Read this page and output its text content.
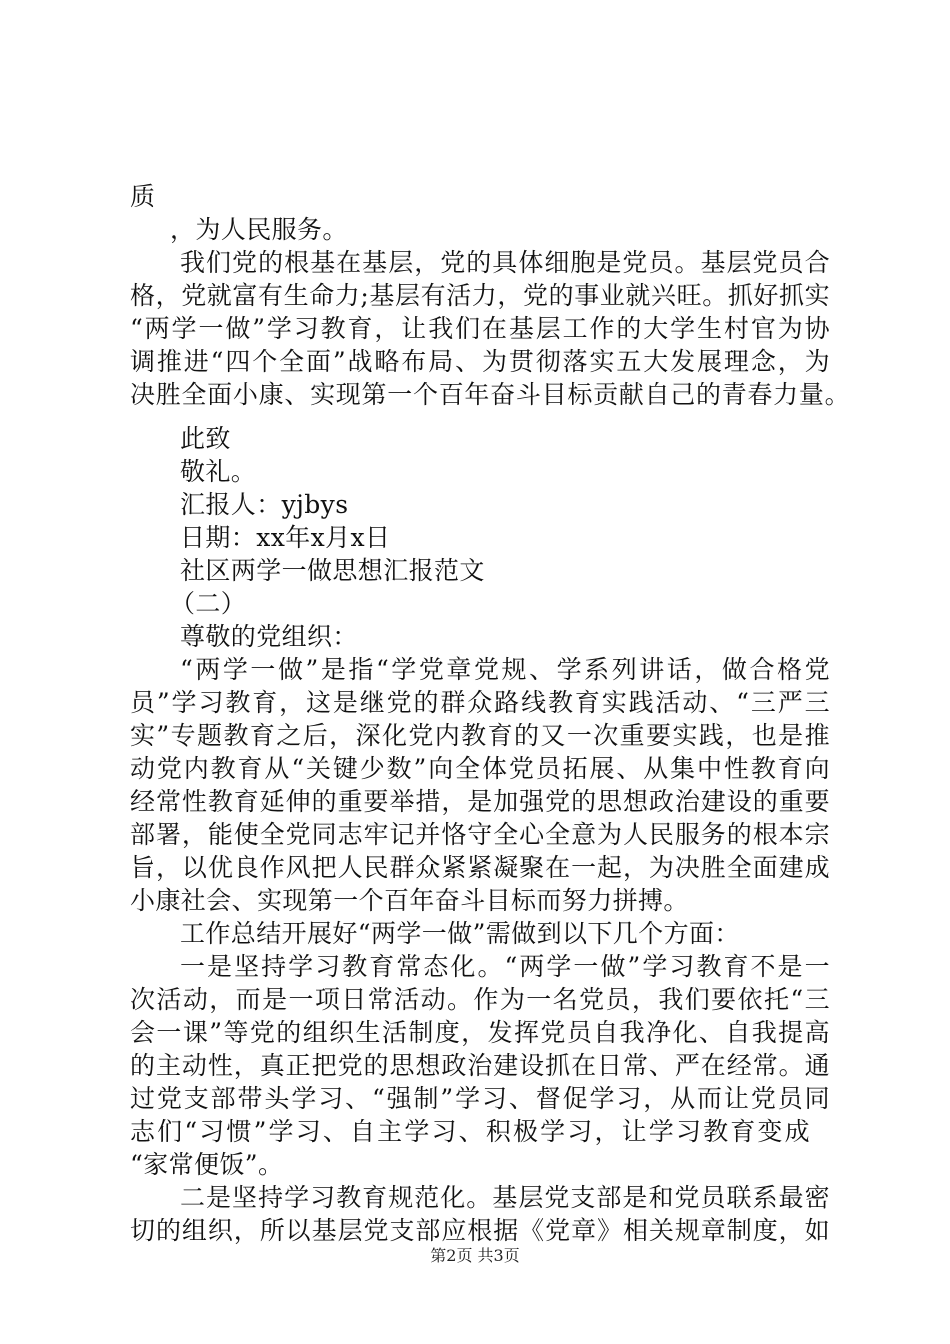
质
，为人民服务。
我们党的根基在基层，党的具体细胞是党员。基层党员合
格，党就富有生命力;基层有活力，党的事业就兴旺。抓好抓实
“两学一做”学习教育，让我们在基层工作的大学生村官为协
调推进“四个全面”战略布局、为贯彻落实五大发展理念，为
决胜全面小康、实现第一个百年奋斗目标贡献自己的青春力量。
此致
敬礼。
汇报人：yjbys
日期：xx年x月x日
社区两学一做思想汇报范文
（二）
尊敬的党组织：
“两学一做”是指“学党章党规、学系列讲话，做合格党
员”学习教育，这是继党的群众路线教育实践活动、“三严三
实”专题教育之后，深化党内教育的又一次重要实践，也是推
动党内教育从“关键少数”向全体党员拓展、从集中性教育向
经常性教育延伸的重要举措，是加强党的思想政治建设的重要
部署，能使全党同志牢记并恪守全心全意为人民服务的根本宗
旨，以优良作风把人民群众紧紧凝聚在一起，为决胜全面建成
小康社会、实现第一个百年奋斗目标而努力拼搏。
工作总结开展好“两学一做”需做到以下几个方面：
一是坚持学习教育常态化。“两学一做”学习教育不是一
次活动，而是一项日常活动。作为一名党员，我们要依托“三
会一课”等党的组织生活制度，发挥党员自我净化、自我提高
的主动性，真正把党的思想政治建设抓在日常、严在经常。通
过党支部带头学习、“强制”学习、督促学习，从而让党员同
志们“习惯”学习、自主学习、积极学习，让学习教育变成
“家常便饭”。
二是坚持学习教育规范化。基层党支部是和党员联系最密
切的组织，所以基层党支部应根据《党章》相关规章制度，如
第2页 共3页
